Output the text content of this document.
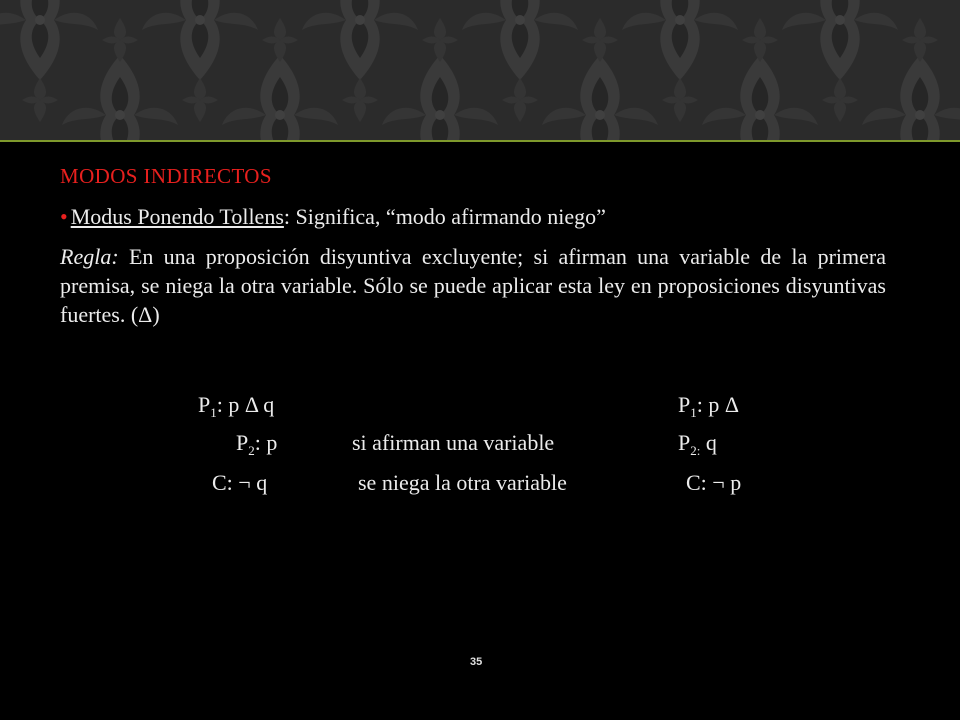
MODOS INDIRECTOS
• Modus Ponendo Tollens: Significa, “modo afirmando niego”
Regla: En una proposición disyuntiva excluyente; si afirman una variable de la primera premisa, se niega la otra variable. Sólo se puede aplicar esta ley en proposiciones disyuntivas fuertes. (Δ)
$P_1$: p Δ q
$P_2$: p
C: ¬ q
si afirman una variable
se niega la otra variable
$P_1$: p Δ
$P_{2:}$ q
C: ¬ p
35
